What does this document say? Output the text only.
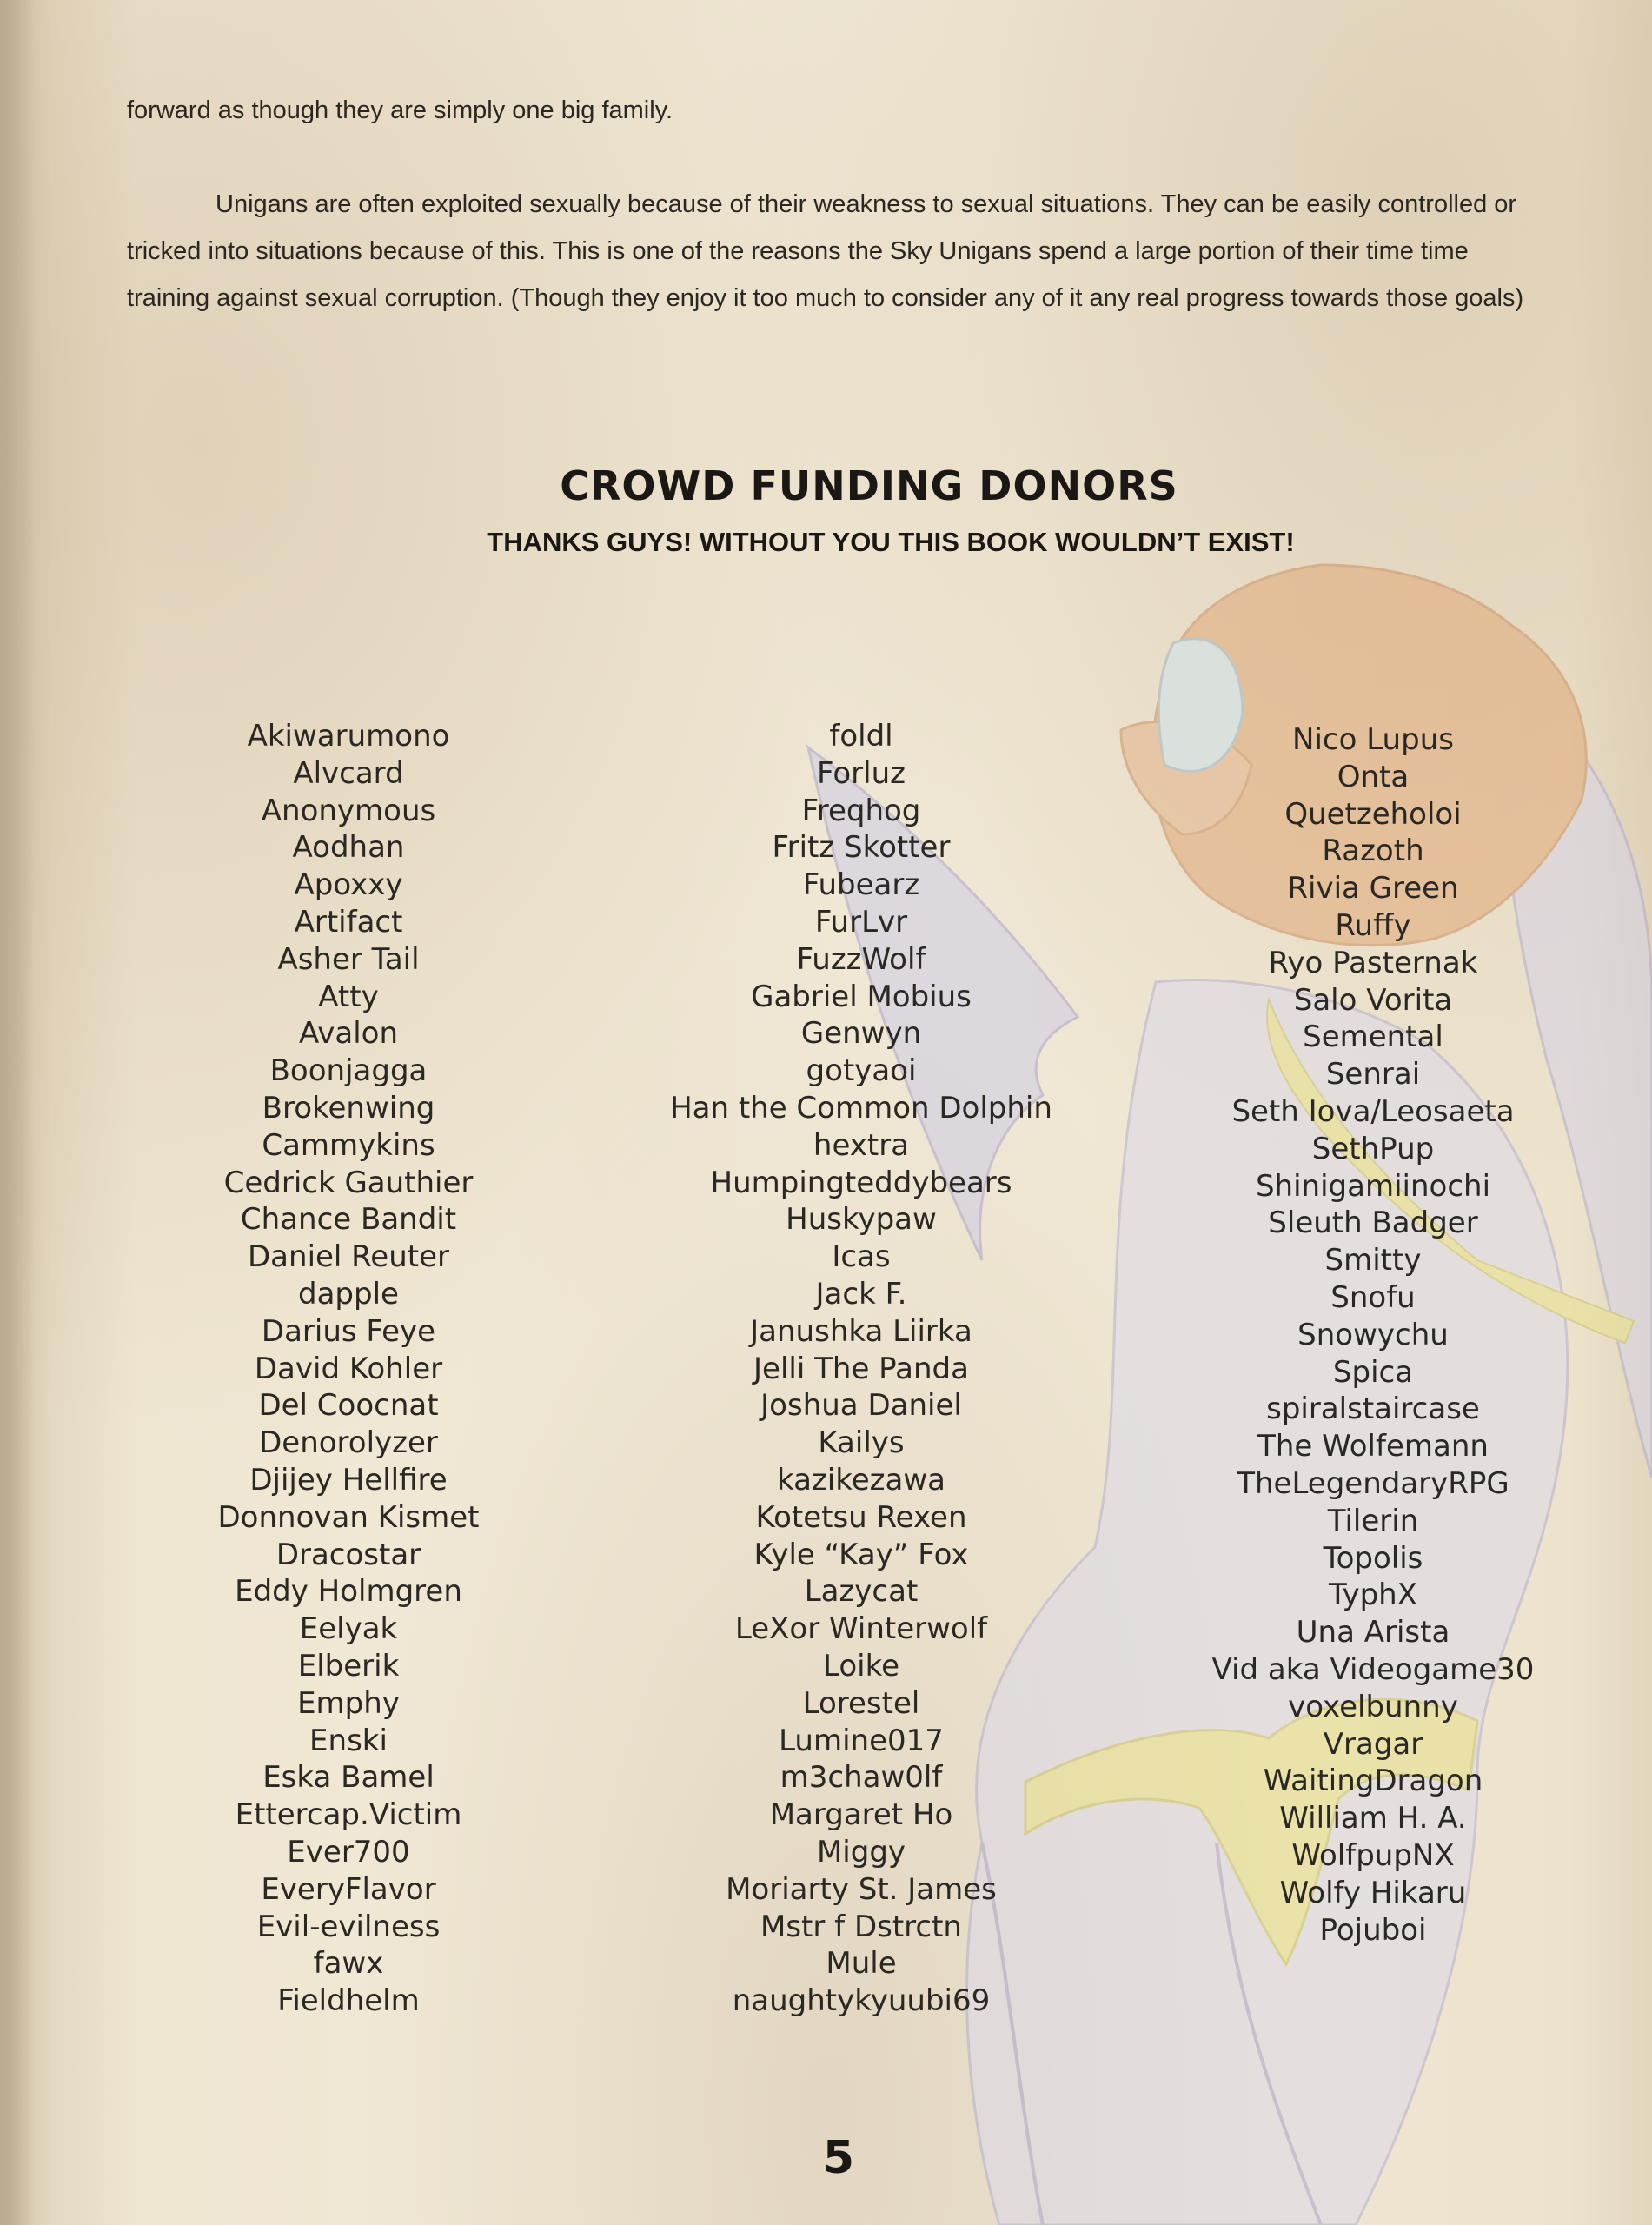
forward as though they are simply one big family.

Unigans are often exploited sexually because of their weakness to sexual situations. They can be easily controlled or tricked into situations because of this. This is one of the reasons the Sky Unigans spend a large portion of their time time training against sexual corruption. (Though they enjoy it too much to consider any of it any real progress towards those goals)

CROWD FUNDING DONORS
THANKS GUYS! WITHOUT YOU THIS BOOK WOULDN’T EXIST!
Akiwarumono
Alvcard
Anonymous
Aodhan
Apoxxy
Artifact
Asher Tail
Atty
Avalon
Boonjagga
Brokenwing
Cammykins
Cedrick Gauthier
Chance Bandit
Daniel Reuter
dapple
Darius Feye
David Kohler
Del Coocnat
Denorolyzer
Djijey Hellfire
Donnovan Kismet
Dracostar
Eddy Holmgren
Eelyak
Elberik
Emphy
Enski
Eska Bamel
Ettercap.Victim
Ever700
EveryFlavor
Evil-evilness
fawx
Fieldhelm
foldl
Forluz
Freqhog
Fritz Skotter
Fubearz
FurLvr
FuzzWolf
Gabriel Mobius
Genwyn
gotyaoi
Han the Common Dolphin
hextra
Humpingteddybears
Huskypaw
Icas
Jack F.
Janushka Liirka
Jelli The Panda
Joshua Daniel
Kailys
kazikezawa
Kotetsu Rexen
Kyle “Kay” Fox
Lazycat
LeXor Winterwolf
Loike
Lorestel
Lumine017
m3chaw0lf
Margaret Ho
Miggy
Moriarty St. James
Mstr f Dstrctn
Mule
naughtykyuubi69
Nico Lupus
Onta
Quetzeholoi
Razoth
Rivia Green
Ruffy
Ryo Pasternak
Salo Vorita
Semental
Senrai
Seth Iova/Leosaeta
SethPup
Shinigamiinochi
Sleuth Badger
Smitty
Snofu
Snowychu
Spica
spiralstaircase
The Wolfemann
TheLegendaryRPG
Tilerin
Topolis
TyphX
Una Arista
Vid aka Videogame30
voxelbunny
Vragar
WaitingDragon
William H. A.
WolfpupNX
Wolfy Hikaru
Pojuboi
5
